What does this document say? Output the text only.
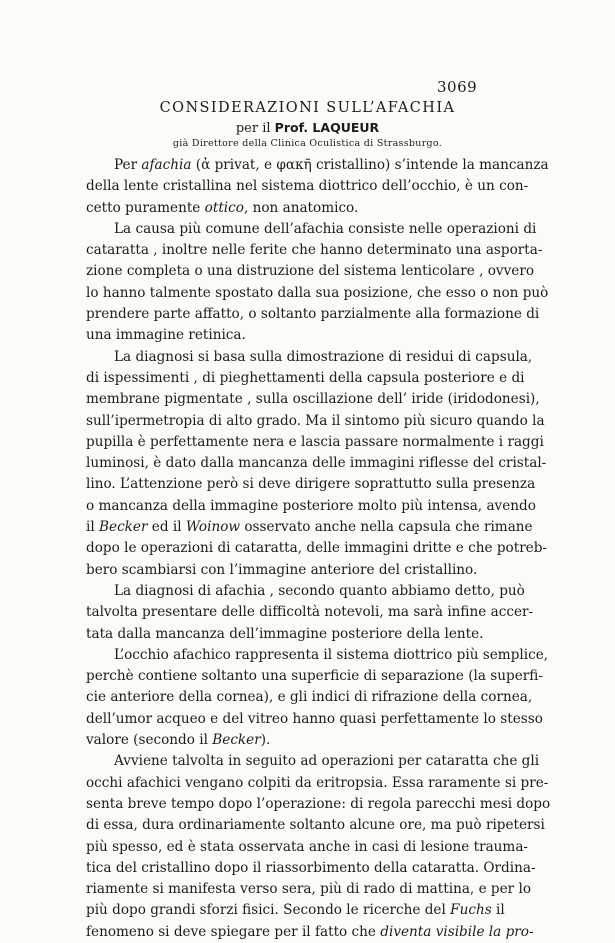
3069
CONSIDERAZIONI SULL’AFACHIA
per il Prof. LAQUEUR
già Direttore della Clinica Oculistica di Strassburgo.
Per afachia (ἀ privat, e φακῆ cristallino) s’intende la mancanza
della lente cristallina nel sistema diottrico dell’occhio, è un con-
cetto puramente ottico, non anatomico.
La causa più comune dell’afachia consiste nelle operazioni di
cataratta , inoltre nelle ferite che hanno determinato una asporta-
zione completa o una distruzione del sistema lenticolare , ovvero
lo hanno talmente spostato dalla sua posizione, che esso o non può
prendere parte affatto, o soltanto parzialmente alla formazione di
una immagine retinica.
La diagnosi si basa sulla dimostrazione di residui di capsula,
di ispessimenti , di pieghettamenti della capsula posteriore e di
membrane pigmentate , sulla oscillazione dell’ iride (iridodonesi),
sull’ipermetropia di alto grado. Ma il sintomo più sicuro quando la
pupilla è perfettamente nera e lascia passare normalmente i raggi
luminosi, è dato dalla mancanza delle immagini riflesse del cristal-
lino. L’attenzione però si deve dirigere soprattutto sulla presenza
o mancanza della immagine posteriore molto più intensa, avendo
il Becker ed il Woinow osservato anche nella capsula che rimane
dopo le operazioni di cataratta, delle immagini dritte e che potreb-
bero scambiarsi con l’immagine anteriore del cristallino.
La diagnosi di afachia , secondo quanto abbiamo detto, può
talvolta presentare delle difficoltà notevoli, ma sarà infine accer-
tata dalla mancanza dell’immagine posteriore della lente.
L’occhio afachico rappresenta il sistema diottrico più semplice,
perchè contiene soltanto una superficie di separazione (la superfi-
cie anteriore della cornea), e gli indici di rifrazione della cornea,
dell’umor acqueo e del vitreo hanno quasi perfettamente lo stesso
valore (secondo il Becker).
Avviene talvolta in seguito ad operazioni per cataratta che gli
occhi afachici vengano colpiti da eritropsia. Essa raramente si pre-
senta breve tempo dopo l’operazione: di regola parecchi mesi dopo
di essa, dura ordinariamente soltanto alcune ore, ma può ripetersi
più spesso, ed è stata osservata anche in casi di lesione trauma-
tica del cristallino dopo il riassorbimento della cataratta. Ordina-
riamente si manifesta verso sera, più di rado di mattina, e per lo
più dopo grandi sforzi fisici. Secondo le ricerche del Fuchs il
fenomeno si deve spiegare per il fatto che diventa visibile la pro-
